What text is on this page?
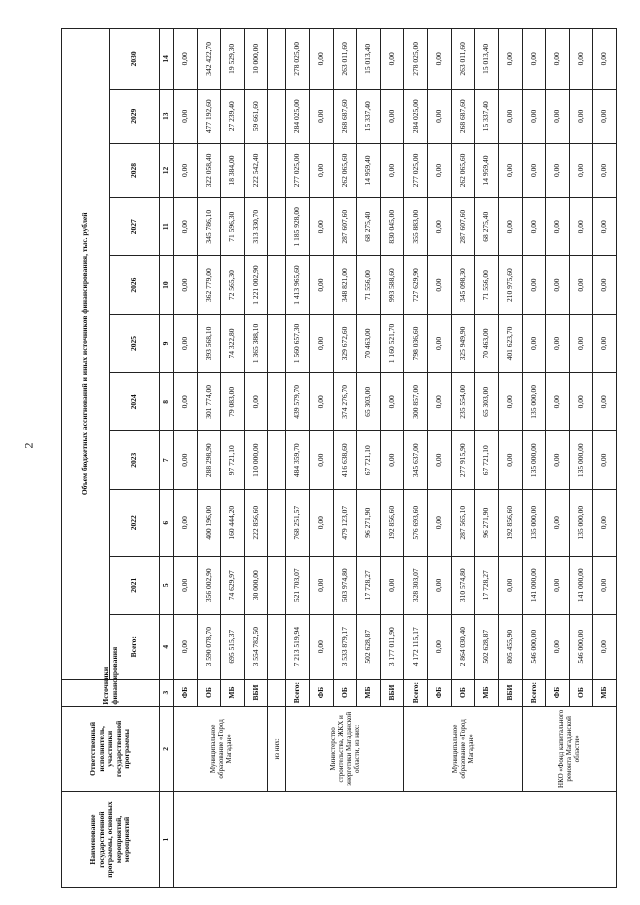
2
Наименование государственной программы, основных мероприятий, мероприятий	Ответственный исполнитель, участники государственной программы	Источники финансирования	Объем бюджетных ассигнований и иных источников финансирования, тыс. рублей										
			Всего:	2021	2022	2023	2024	2025	2026	2027	2028	2029	2030
1	2	3	4	5	6	7	8	9	10	11	12	13	14
	Муниципальное образование «Город Магадан»	ФБ	0,00	0,00	0,00	0,00	0,00	0,00	0,00	0,00	0,00	0,00	0,00
		ОБ	3 590 078,70	356 002,90	400 196,00	288 298,90	301 774,00	393 568,10	362 779,00	345 786,10	322 058,40	477 192,60	342 422,70
		МБ	695 515,37	74 629,97	160 444,20	97 721,10	79 083,00	74 322,80	72 565,30	71 596,30	18 384,00	27 239,40	19 529,30
		ВБИ	3 554 782,50	30 000,00	222 856,60	110 000,00	0,00	1 365 388,10	1 221 002,90	313 330,70	222 542,40	59 661,60	10 000,00
	из них:												
	Министерство строительства, ЖКХ и энергетики Магаданской области, из них:	Всего:	7 213 519,94	521 703,07	768 251,57	484 359,70	439 579,70	1 560 657,30	1 413 965,60	1 185 928,00	277 025,00	284 025,00	278 025,00
		ФБ	0,00	0,00	0,00	0,00	0,00	0,00	0,00	0,00	0,00	0,00	0,00
		ОБ	3 533 879,17	503 974,80	479 123,07	416 638,60	374 276,70	329 672,60	348 821,00	287 607,60	262 065,60	268 687,60	263 011,60
		МБ	502 628,87	17 728,27	96 271,90	67 721,10	65 303,00	70 463,00	71 556,00	68 275,40	14 959,40	15 337,40	15 013,40
		ВБИ	3 177 011,90	0,00	192 856,60	0,00	0,00	1 160 521,70	993 588,60	830 045,00	0,00	0,00	0,00
	Муниципальное образование «Город Магадан»	Всего:	4 172 115,17	328 303,07	576 693,60	345 637,00	300 857,00	798 036,60	727 629,90	355 883,00	277 025,00	284 025,00	278 025,00
		ФБ	0,00	0,00	0,00	0,00	0,00	0,00	0,00	0,00	0,00	0,00	0,00
		ОБ	2 864 030,40	310 574,80	287 565,10	277 915,90	235 554,00	325 949,90	345 098,30	287 607,60	262 065,60	268 687,60	263 011,60
		МБ	502 628,87	17 728,27	96 271,90	67 721,10	65 303,00	70 463,00	71 556,00	68 275,40	14 959,40	15 337,40	15 013,40
		ВБИ	805 455,90	0,00	192 856,60	0,00	0,00	401 623,70	210 975,60	0,00	0,00	0,00	0,00
	НКО «Фонд капитального ремонта Магаданской области»	Всего:	546 000,00	141 000,00	135 000,00	135 000,00	135 000,00	0,00	0,00	0,00	0,00	0,00	0,00
		ФБ	0,00	0,00	0,00	0,00	0,00	0,00	0,00	0,00	0,00	0,00	0,00
		ОБ	546 000,00	141 000,00	135 000,00	135 000,00	0,00	0,00	0,00	0,00	0,00	0,00	0,00
		МБ	0,00	0,00	0,00	0,00	0,00	0,00	0,00	0,00	0,00	0,00	0,00
